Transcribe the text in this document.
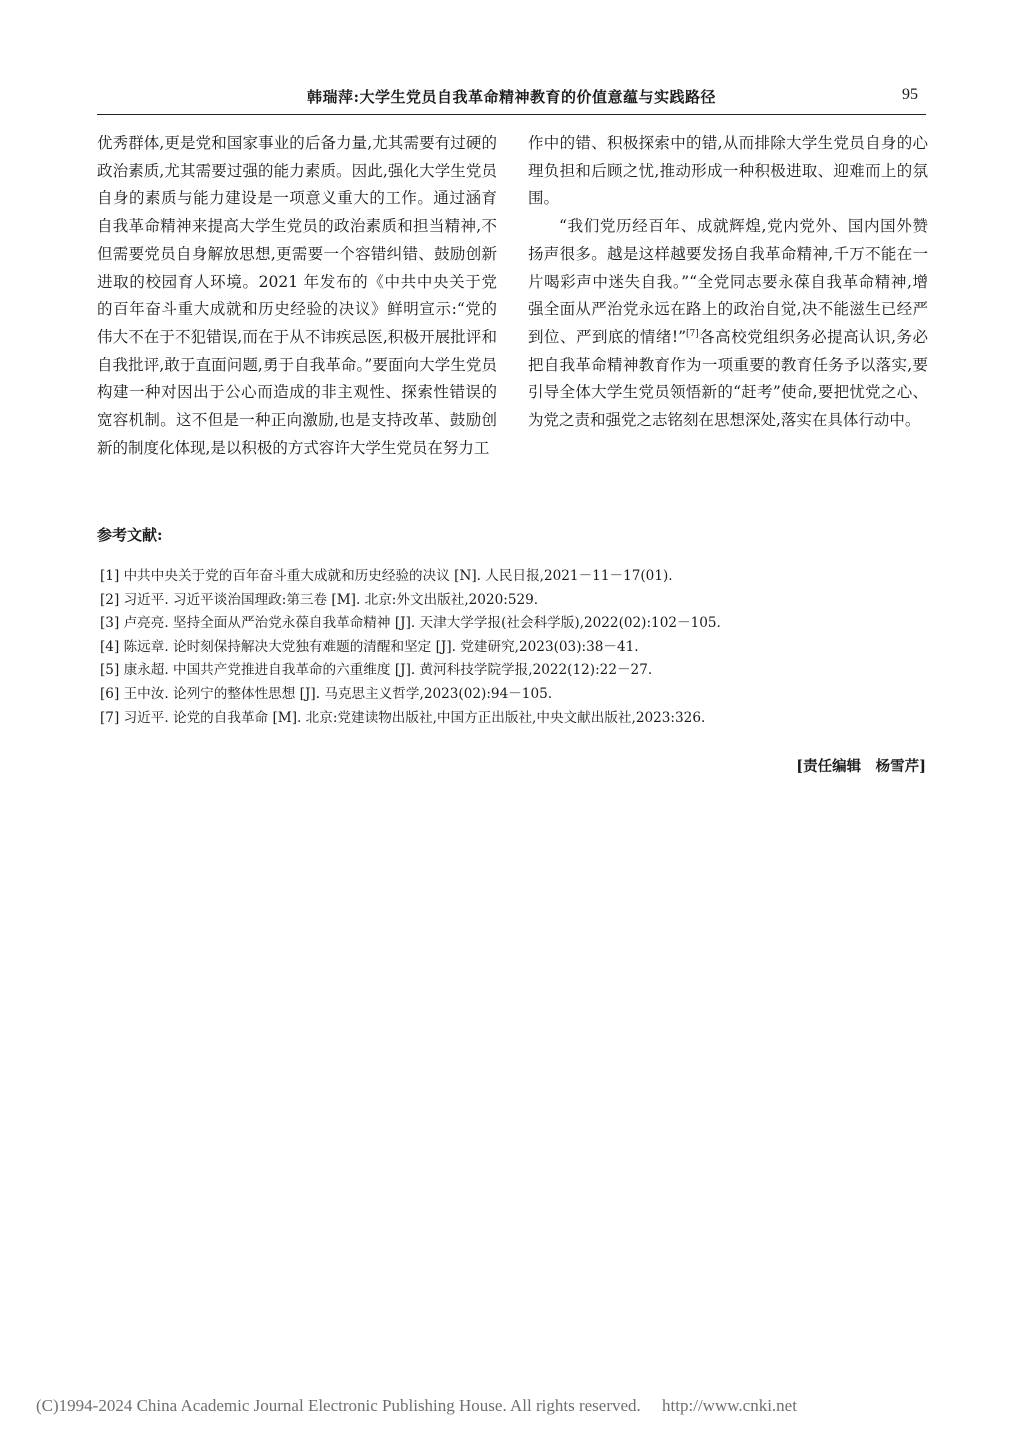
韩瑞萍:大学生党员自我革命精神教育的价值意蕴与实践路径	95

优秀群体,更是党和国家事业的后备力量,尤其需要有过硬的政治素质,尤其需要过强的能力素质。因此,强化大学生党员自身的素质与能力建设是一项意义重大的工作。通过涵育自我革命精神来提高大学生党员的政治素质和担当精神,不但需要党员自身解放思想,更需要一个容错纠错、鼓励创新进取的校园育人环境。2021 年发布的《中共中央关于党的百年奋斗重大成就和历史经验的决议》鲜明宣示:“党的伟大不在于不犯错误,而在于从不讳疾忌医,积极开展批评和自我批评,敢于直面问题,勇于自我革命。”要面向大学生党员构建一种对因出于公心而造成的非主观性、探索性错误的宽容机制。这不但是一种正向激励,也是支持改革、鼓励创新的制度化体现,是以积极的方式容许大学生党员在努力工

作中的错、积极探索中的错,从而排除大学生党员自身的心理负担和后顾之忧,推动形成一种积极进取、迎难而上的氛围。

“我们党历经百年、成就辉煌,党内党外、国内国外赞扬声很多。越是这样越要发扬自我革命精神,千万不能在一片喝彩声中迷失自我。”“全党同志要永葆自我革命精神,增强全面从严治党永远在路上的政治自觉,决不能滋生已经严到位、严到底的情绪!”[7]各高校党组织务必提高认识,务必把自我革命精神教育作为一项重要的教育任务予以落实,要引导全体大学生党员领悟新的“赶考”使命,要把忧党之心、为党之责和强党之志铭刻在思想深处,落实在具体行动中。

参考文献:
[1] 中共中央关于党的百年奋斗重大成就和历史经验的决议 [N]. 人民日报,2021－11－17(01).
[2] 习近平. 习近平谈治国理政:第三卷 [M]. 北京:外文出版社,2020:529.
[3] 卢亮亮. 坚持全面从严治党永葆自我革命精神 [J]. 天津大学学报(社会科学版),2022(02):102－105.
[4] 陈远章. 论时刻保持解决大党独有难题的清醒和坚定 [J]. 党建研究,2023(03):38－41.
[5] 康永超. 中国共产党推进自我革命的六重维度 [J]. 黄河科技学院学报,2022(12):22－27.
[6] 王中汝. 论列宁的整体性思想 [J]. 马克思主义哲学,2023(02):94－105.
[7] 习近平. 论党的自我革命 [M]. 北京:党建读物出版社,中国方正出版社,中央文献出版社,2023:326.
[责任编辑　杨雪芹]
(C)1994-2024 China Academic Journal Electronic Publishing House. All rights reserved.     http://www.cnki.net
